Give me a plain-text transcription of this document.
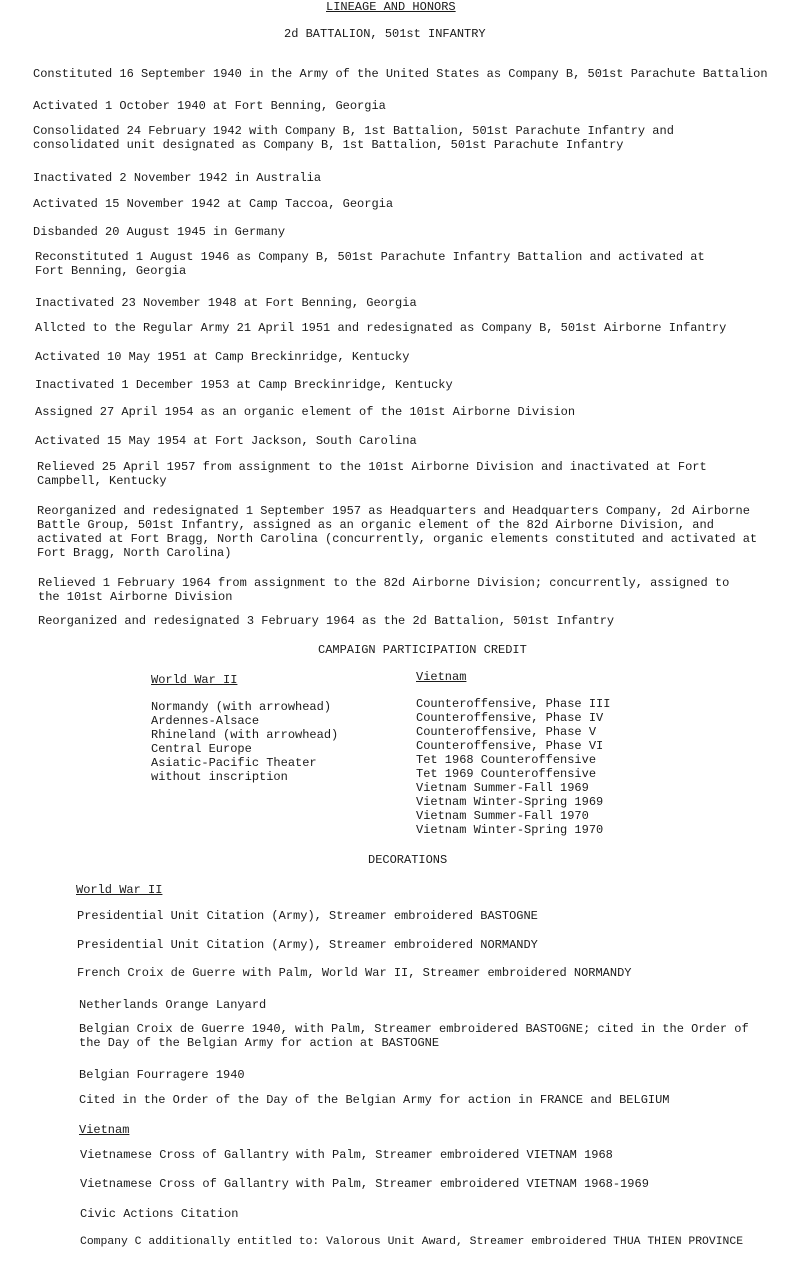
LINEAGE AND HONORS
2d BATTALION, 501st INFANTRY
Constituted 16 September 1940 in the Army of the United States as Company B, 501st Parachute Battalion
Activated 1 October 1940 at Fort Benning, Georgia
Consolidated 24 February 1942 with Company B, 1st Battalion, 501st Parachute Infantry and consolidated unit designated as Company B, 1st Battalion, 501st Parachute Infantry
Inactivated 2 November 1942 in Australia
Activated 15 November 1942 at Camp Taccoa, Georgia
Disbanded 20 August 1945 in Germany
Reconstituted 1 August 1946 as Company B, 501st Parachute Infantry Battalion and activated at Fort Benning, Georgia
Inactivated 23 November 1948 at Fort Benning, Georgia
Allcted to the Regular Army 21 April 1951 and redesignated as Company B, 501st Airborne Infantry
Activated 10 May 1951 at Camp Breckinridge, Kentucky
Inactivated 1 December 1953 at Camp Breckinridge, Kentucky
Assigned 27 April 1954 as an organic element of the 101st Airborne Division
Activated 15 May 1954 at Fort Jackson, South Carolina
Relieved 25 April 1957 from assignment to the 101st Airborne Division and inactivated at Fort Campbell, Kentucky
Reorganized and redesignated 1 September 1957 as Headquarters and Headquarters Company, 2d Airborne Battle Group, 501st Infantry, assigned as an organic element of the 82d Airborne Division, and activated at Fort Bragg, North Carolina (concurrently, organic elements constituted and activated at Fort Bragg, North Carolina)
Relieved 1 February 1964 from assignment to the 82d Airborne Division; concurrently, assigned to the 101st Airborne Division
Reorganized and redesignated 3 February 1964 as the 2d Battalion, 501st Infantry
CAMPAIGN PARTICIPATION CREDIT
World War II
Normandy (with arrowhead)
Ardennes-Alsace
Rhineland (with arrowhead)
Central Europe
Asiatic-Pacific Theater
without inscription
Vietnam
Counteroffensive, Phase III
Counteroffensive, Phase IV
Counteroffensive, Phase V
Counteroffensive, Phase VI
Tet 1968 Counteroffensive
Tet 1969 Counteroffensive
Vietnam Summer-Fall 1969
Vietnam Winter-Spring 1969
Vietnam Summer-Fall 1970
Vietnam Winter-Spring 1970
DECORATIONS
World War II
Presidential Unit Citation (Army), Streamer embroidered BASTOGNE
Presidential Unit Citation (Army), Streamer embroidered NORMANDY
French Croix de Guerre with Palm, World War II, Streamer embroidered NORMANDY
Netherlands Orange Lanyard
Belgian Croix de Guerre 1940, with Palm, Streamer embroidered BASTOGNE; cited in the Order of the Day of the Belgian Army for action at BASTOGNE
Belgian Fourragere 1940
Cited in the Order of the Day of the Belgian Army for action in FRANCE and BELGIUM
Vietnam
Vietnamese Cross of Gallantry with Palm, Streamer embroidered VIETNAM 1968
Vietnamese Cross of Gallantry with Palm, Streamer embroidered VIETNAM 1968-1969
Civic Actions Citation
Company C additionally entitled to: Valorous Unit Award, Streamer embroidered THUA THIEN PROVINCE
